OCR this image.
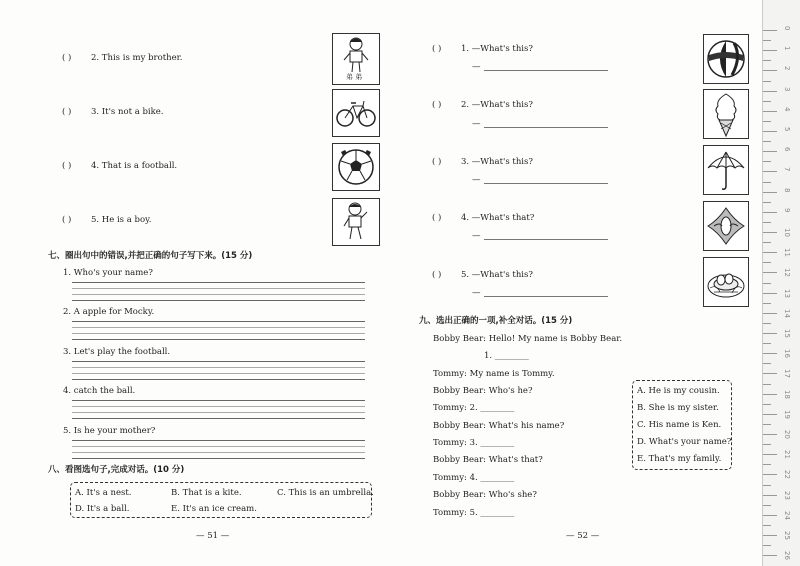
( ) 2. This is my brother.
( ) 3. It's not a bike.
( ) 4. That is a football.
( ) 5. He is a boy.
弟 弟
七、圈出句中的错误,并把正确的句子写下来。(15 分)
1. Who's your name?
2. A apple for Mocky.
3. Let's play the football.
4. catch the ball.
5. Is he your mother?
八、看图选句子,完成对话。(10 分)
A. It's a nest.	B. That is a kite.	C. This is an umbrella.
D. It's a ball.	E. It's an ice cream.
— 51 —
( ) 1. —What's this?
—
( ) 2. —What's this?
—
( ) 3. —What's this?
—
( ) 4. —What's that?
—
( ) 5. —What's this?
—
九、选出正确的一项,补全对话。(15 分)
Bobby Bear: Hello! My name is Bobby Bear.
1. ________
Tommy: My name is Tommy.
Bobby Bear: Who's he?
Tommy: 2. ________
Bobby Bear: What's his name?
Tommy: 3. ________
Bobby Bear: What's that?
Tommy: 4. ________
Bobby Bear: Who's she?
Tommy: 5. ________
A. He is my cousin.
B. She is my sister.
C. His name is Ken.
D. What's your name?
E. That's my family.
— 52 —
0
1
2
3
4
5
6
7
8
9
10
11
12
13
14
15
16
17
18
19
20
21
22
23
24
25
26
